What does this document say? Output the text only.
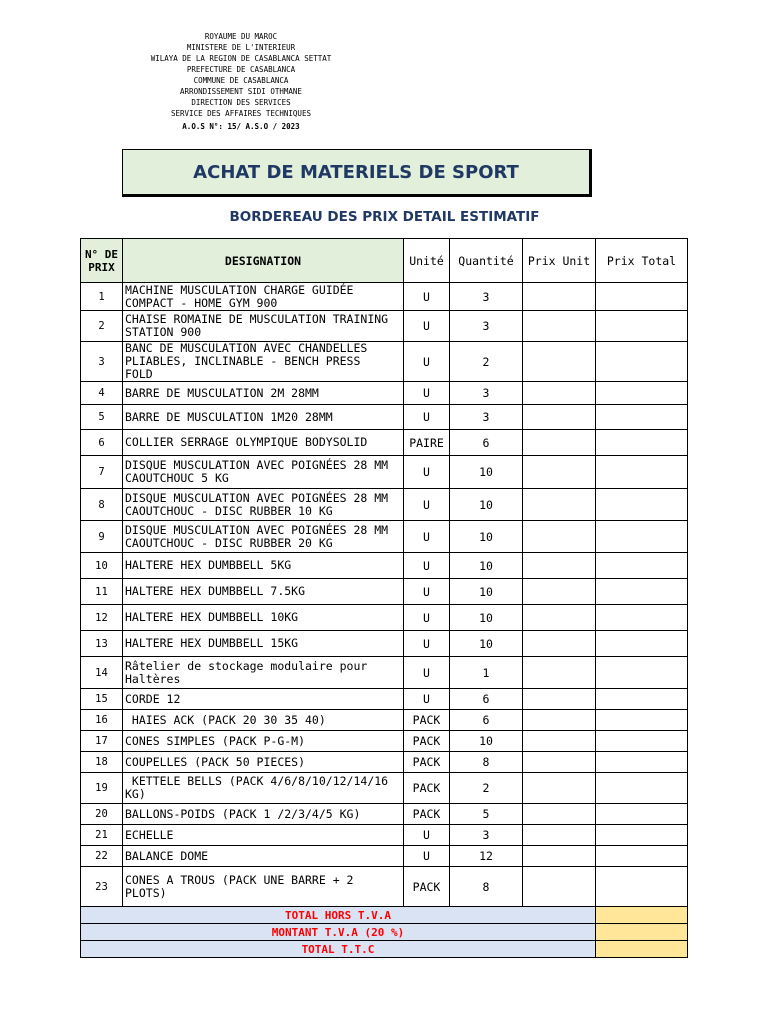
ROYAUME DU MAROC
MINISTERE DE L'INTERIEUR
WILAYA DE LA REGION DE CASABLANCA SETTAT
PREFECTURE DE CASABLANCA
COMMUNE DE CASABLANCA
ARRONDISSEMENT SIDI OTHMANE
DIRECTION DES SERVICES
SERVICE DES AFFAIRES TECHNIQUES
A.O.S N°: 15/ A.S.O / 2023
ACHAT DE MATERIELS DE SPORT
BORDEREAU DES PRIX DETAIL ESTIMATIF
N° DE
PRIX	DESIGNATION	Unité	Quantité	Prix Unit	Prix Total
1	MACHINE MUSCULATION CHARGE GUIDÉE
COMPACT - HOME GYM 900	U	3		
2	CHAISE ROMAINE DE MUSCULATION TRAINING
STATION 900	U	3		
3	BANC DE MUSCULATION AVEC CHANDELLES
PLIABLES, INCLINABLE - BENCH PRESS
FOLD	U	2		
4	BARRE DE MUSCULATION 2M 28MM	U	3		
5	BARRE DE MUSCULATION 1M20 28MM	U	3		
6	COLLIER SERRAGE OLYMPIQUE BODYSOLID	PAIRE	6		
7	DISQUE MUSCULATION AVEC POIGNÉES 28 MM
CAOUTCHOUC 5 KG	U	10		
8	DISQUE MUSCULATION AVEC POIGNÉES 28 MM
CAOUTCHOUC - DISC RUBBER 10 KG	U	10		
9	DISQUE MUSCULATION AVEC POIGNÉES 28 MM
CAOUTCHOUC - DISC RUBBER 20 KG	U	10		
10	HALTERE HEX DUMBBELL 5KG	U	10		
11	HALTERE HEX DUMBBELL 7.5KG	U	10		
12	HALTERE HEX DUMBBELL 10KG	U	10		
13	HALTERE HEX DUMBBELL 15KG	U	10		
14	Râtelier de stockage modulaire pour
Haltères	U	1		
15	CORDE 12	U	6		
16	HAIES ACK (PACK 20 30 35 40)	PACK	6		
17	CONES SIMPLES (PACK P-G-M)	PACK	10		
18	COUPELLES (PACK 50 PIECES)	PACK	8		
19	KETTELE BELLS (PACK 4/6/8/10/12/14/16
KG)	PACK	2		
20	BALLONS-POIDS (PACK 1 /2/3/4/5 KG)	PACK	5		
21	ECHELLE	U	3		
22	BALANCE DOME	U	12		
23	CONES A TROUS (PACK UNE BARRE + 2
PLOTS)	PACK	8		
TOTAL HORS T.V.A					
MONTANT T.V.A (20 %)					
TOTAL T.T.C					
